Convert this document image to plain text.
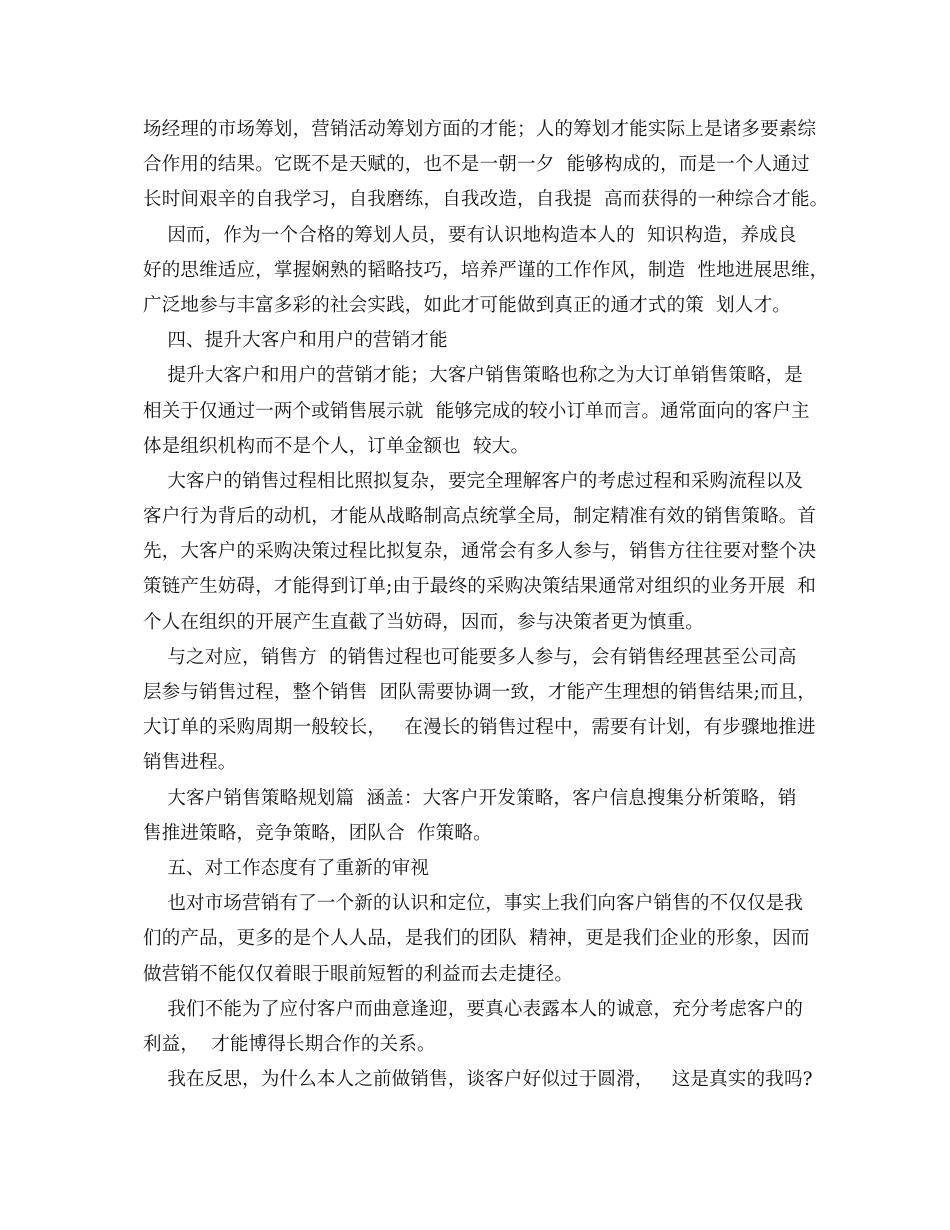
场经理的市场筹划，营销活动筹划方面的才能；人的筹划才能实际上是诸多要素综
合作用的结果。它既不是天赋的，也不是一朝一夕  能够构成的，而是一个人通过
长时间艰辛的自我学习，自我磨练，自我改造，自我提  高而获得的一种综合才能。
因而，作为一个合格的筹划人员，要有认识地构造本人的  知识构造，养成良
好的思维适应，掌握娴熟的韬略技巧，培养严谨的工作作风，制造  性地进展思维，
广泛地参与丰富多彩的社会实践，如此才可能做到真正的通才式的策  划人才。
四、提升大客户和用户的营销才能
提升大客户和用户的营销才能；大客户销售策略也称之为大订单销售策略，是
相关于仅通过一两个或销售展示就  能够完成的较小订单而言。通常面向的客户主
体是组织机构而不是个人，订单金额也  较大。
大客户的销售过程相比照拟复杂，要完全理解客户的考虑过程和采购流程以及
客户行为背后的动机，才能从战略制高点统掌全局，制定精准有效的销售策略。首
先，大客户的采购决策过程比拟复杂，通常会有多人参与，销售方往往要对整个决
策链产生妨碍，才能得到订单;由于最终的采购决策结果通常对组织的业务开展  和
个人在组织的开展产生直截了当妨碍，因而，参与决策者更为慎重。
与之对应，销售方  的销售过程也可能要多人参与，会有销售经理甚至公司高
层参与销售过程，整个销售  团队需要协调一致，才能产生理想的销售结果;而且，
大订单的采购周期一般较长，   在漫长的销售过程中，需要有计划，有步骤地推进
销售进程。
大客户销售策略规划篇  涵盖：大客户开发策略，客户信息搜集分析策略，销
售推进策略，竞争策略，团队合  作策略。
五、对工作态度有了重新的审视
也对市场营销有了一个新的认识和定位，事实上我们向客户销售的不仅仅是我
们的产品，更多的是个人人品，是我们的团队  精神，更是我们企业的形象，因而
做营销不能仅仅着眼于眼前短暂的利益而去走捷径。
我们不能为了应付客户而曲意逢迎，要真心表露本人的诚意，充分考虑客户的
利益，  才能博得长期合作的关系。
我在反思，为什么本人之前做销售，谈客户好似过于圆滑，   这是真实的我吗?
